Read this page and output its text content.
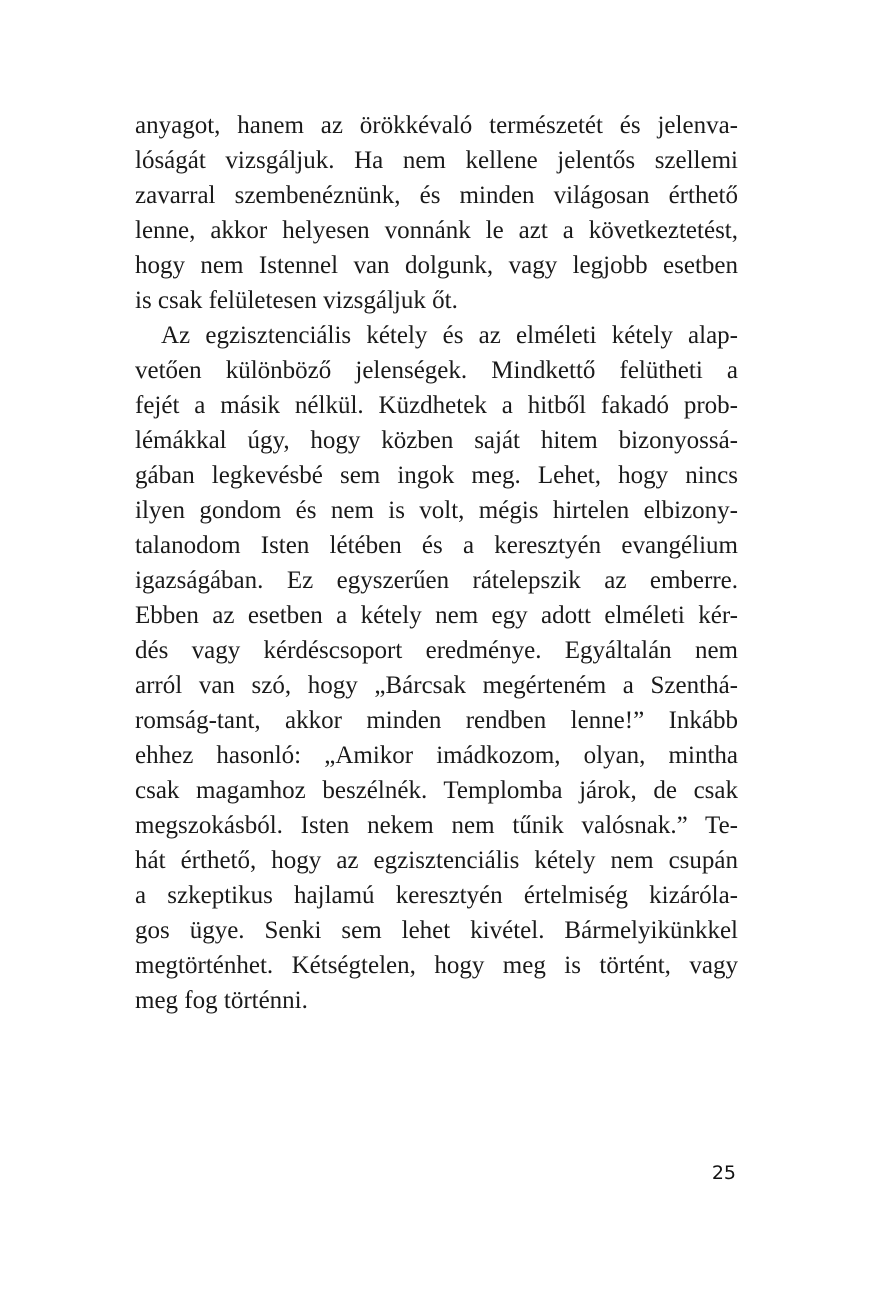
anyagot, hanem az örökkévaló természetét és jelenva-
lóságát vizsgáljuk. Ha nem kellene jelentős szellemi
zavarral szembenéznünk, és minden világosan érthető
lenne, akkor helyesen vonnánk le azt a következtetést,
hogy nem Istennel van dolgunk, vagy legjobb esetben
is csak felületesen vizsgáljuk őt.
Az egzisztenciális kétely és az elméleti kétely alap-
vetően különböző jelenségek. Mindkettő felütheti a
fejét a másik nélkül. Küzdhetek a hitből fakadó prob-
lémákkal úgy, hogy közben saját hitem bizonyossá-
gában legkevésbé sem ingok meg. Lehet, hogy nincs
ilyen gondom és nem is volt, mégis hirtelen elbizony-
talanodom Isten létében és a keresztyén evangélium
igazságában. Ez egyszerűen rátelepszik az emberre.
Ebben az esetben a kétely nem egy adott elméleti kér-
dés vagy kérdéscsoport eredménye. Egyáltalán nem
arról van szó, hogy „Bárcsak megérteném a Szenthá-
romság-tant, akkor minden rendben lenne!” Inkább
ehhez hasonló: „Amikor imádkozom, olyan, mintha
csak magamhoz beszélnék. Templomba járok, de csak
megszokásból. Isten nekem nem tűnik valósnak.” Te-
hát érthető, hogy az egzisztenciális kétely nem csupán
a szkeptikus hajlamú keresztyén értelmiség kizáróla-
gos ügye. Senki sem lehet kivétel. Bármelyikünkkel
megtörténhet. Kétségtelen, hogy meg is történt, vagy
meg fog történni.
25
